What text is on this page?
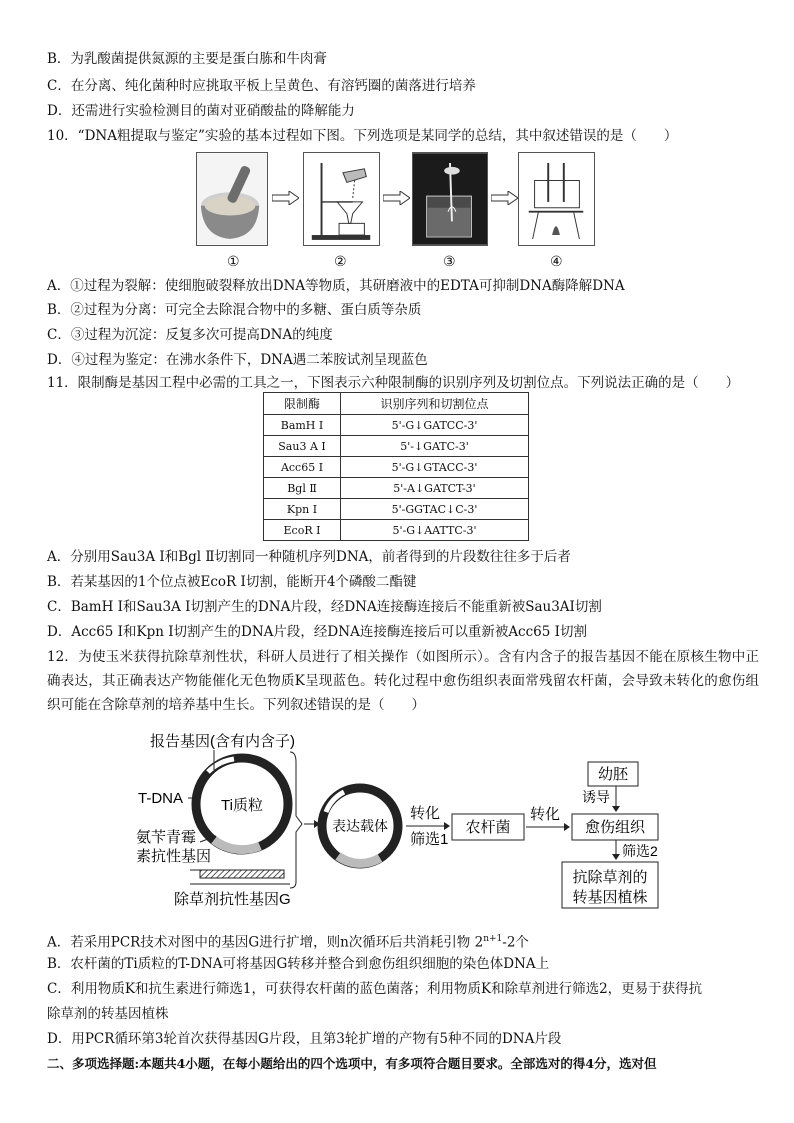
B．为乳酸菌提供氮源的主要是蛋白胨和牛肉膏
C．在分离、纯化菌种时应挑取平板上呈黄色、有溶钙圈的菌落进行培养
D．还需进行实验检测目的菌对亚硝酸盐的降解能力
10．“DNA粗提取与鉴定”实验的基本过程如下图。下列选项是某同学的总结，其中叙述错误的是（　　）
①	②	③	④
A．①过程为裂解：使细胞破裂释放出DNA等物质，其研磨液中的EDTA可抑制DNA酶降解DNA
B．②过程为分离：可完全去除混合物中的多糖、蛋白质等杂质
C．③过程为沉淀：反复多次可提高DNA的纯度
D．④过程为鉴定：在沸水条件下，DNA遇二苯胺试剂呈现蓝色
11．限制酶是基因工程中必需的工具之一，下图表示六种限制酶的识别序列及切割位点。下列说法正确的是（　　）
限制酶	识别序列和切割位点
BamH Ⅰ	5'-G↓GATCC-3'
Sau3 A Ⅰ	5'-↓GATC-3'
Acc65 Ⅰ	5'-G↓GTACC-3'
Bgl Ⅱ	5'-A↓GATCT-3'
Kpn Ⅰ	5'-GGTAC↓C-3'
EcoR Ⅰ	5'-G↓AATTC-3'
A．分别用Sau3A Ⅰ和Bgl Ⅱ切割同一种随机序列DNA，前者得到的片段数往往多于后者
B．若某基因的1个位点被EcoR Ⅰ切割，能断开4个磷酸二酯键
C．BamH Ⅰ和Sau3A Ⅰ切割产生的DNA片段，经DNA连接酶连接后不能重新被Sau3AI切割
D．Acc65 Ⅰ和Kpn Ⅰ切割产生的DNA片段，经DNA连接酶连接后可以重新被Acc65 Ⅰ切割
12．为使玉米获得抗除草剂性状，科研人员进行了相关操作（如图所示）。含有内含子的报告基因不能在原核生物中正确表达，其正确表达产物能催化无色物质K呈现蓝色。转化过程中愈伤组织表面常残留农杆菌，会导致未转化的愈伤组织可能在含除草剂的培养基中生长。下列叙述错误的是（　　）
Ti质粒
报告基因(含有内含子)
T-DNA
氨苄青霉
素抗性基因
除草剂抗性基因G
表达载体
转化
筛选1
农杆菌
转化
愈伤组织
幼胚
诱导
筛选2
抗除草剂的
转基因植株
A．若采用PCR技术对图中的基因G进行扩增，则n次循环后共消耗引物 $2^{n+1}-2$个
B．农杆菌的Ti质粒的T-DNA可将基因G转移并整合到愈伤组织细胞的染色体DNA上
C．利用物质K和抗生素进行筛选1，可获得农杆菌的蓝色菌落；利用物质K和除草剂进行筛选2，更易于获得抗
除草剂的转基因植株
D．用PCR循环第3轮首次获得基因G片段，且第3轮扩增的产物有5种不同的DNA片段
二、多项选择题:本题共4小题，在每小题给出的四个选项中，有多项符合题目要求。全部选对的得4分，选对但
